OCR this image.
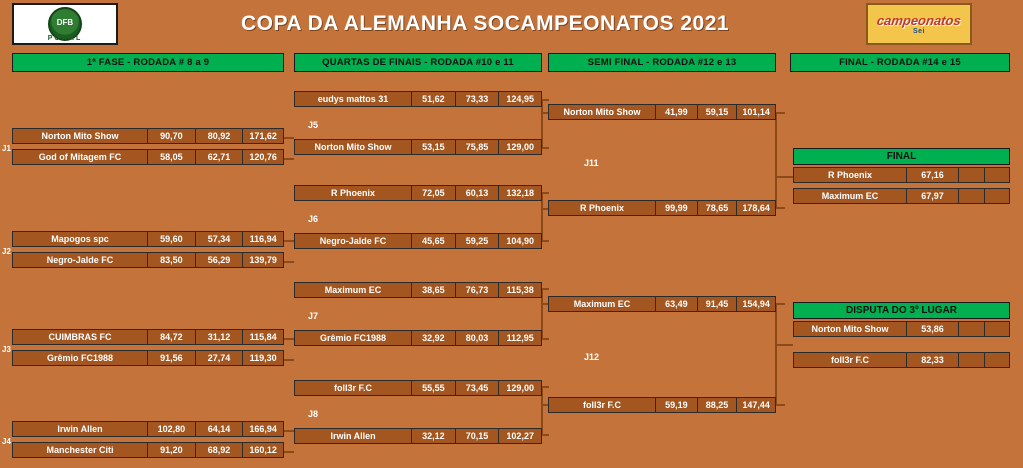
DFB
POKAL
COPA DA ALEMANHA SOCAMPEONATOS 2021	campeonatos
Sei
1ª FASE - RODADA # 8 a 9	QUARTAS DE FINAIS - RODADA #10 e 11	SEMI FINAL - RODADA #12 e 13	FINAL - RODADA #14 e 15
J1
Norton Mito Show	90,70	80,92	171,62
God of Mitagem FC	58,05	62,71	120,76
J2
Mapogos spc	59,60	57,34	116,94
Negro-Jalde FC	83,50	56,29	139,79
J3
CUIMBRAS FC	84,72	31,12	115,84
Grêmio FC1988	91,56	27,74	119,30
J4
Irwin Allen	102,80	64,14	166,94
Manchester Citi	91,20	68,92	160,12
J5
eudys mattos 31	51,62	73,33	124,95
Norton Mito Show	53,15	75,85	129,00
J6
R Phoenix	72,05	60,13	132,18
Negro-Jalde FC	45,65	59,25	104,90
J7
Maximum EC	38,65	76,73	115,38
Grêmio FC1988	32,92	80,03	112,95
J8
foll3r F.C	55,55	73,45	129,00
Irwin Allen	32,12	70,15	102,27
J11
Norton Mito Show	41,99	59,15	101,14
R Phoenix	99,99	78,65	178,64
J12
Maximum EC	63,49	91,45	154,94
foll3r F.C	59,19	88,25	147,44
FINAL
R Phoenix	67,16
Maximum EC	67,97
DISPUTA DO 3º LUGAR
Norton Mito Show	53,86
foll3r F.C	82,33
